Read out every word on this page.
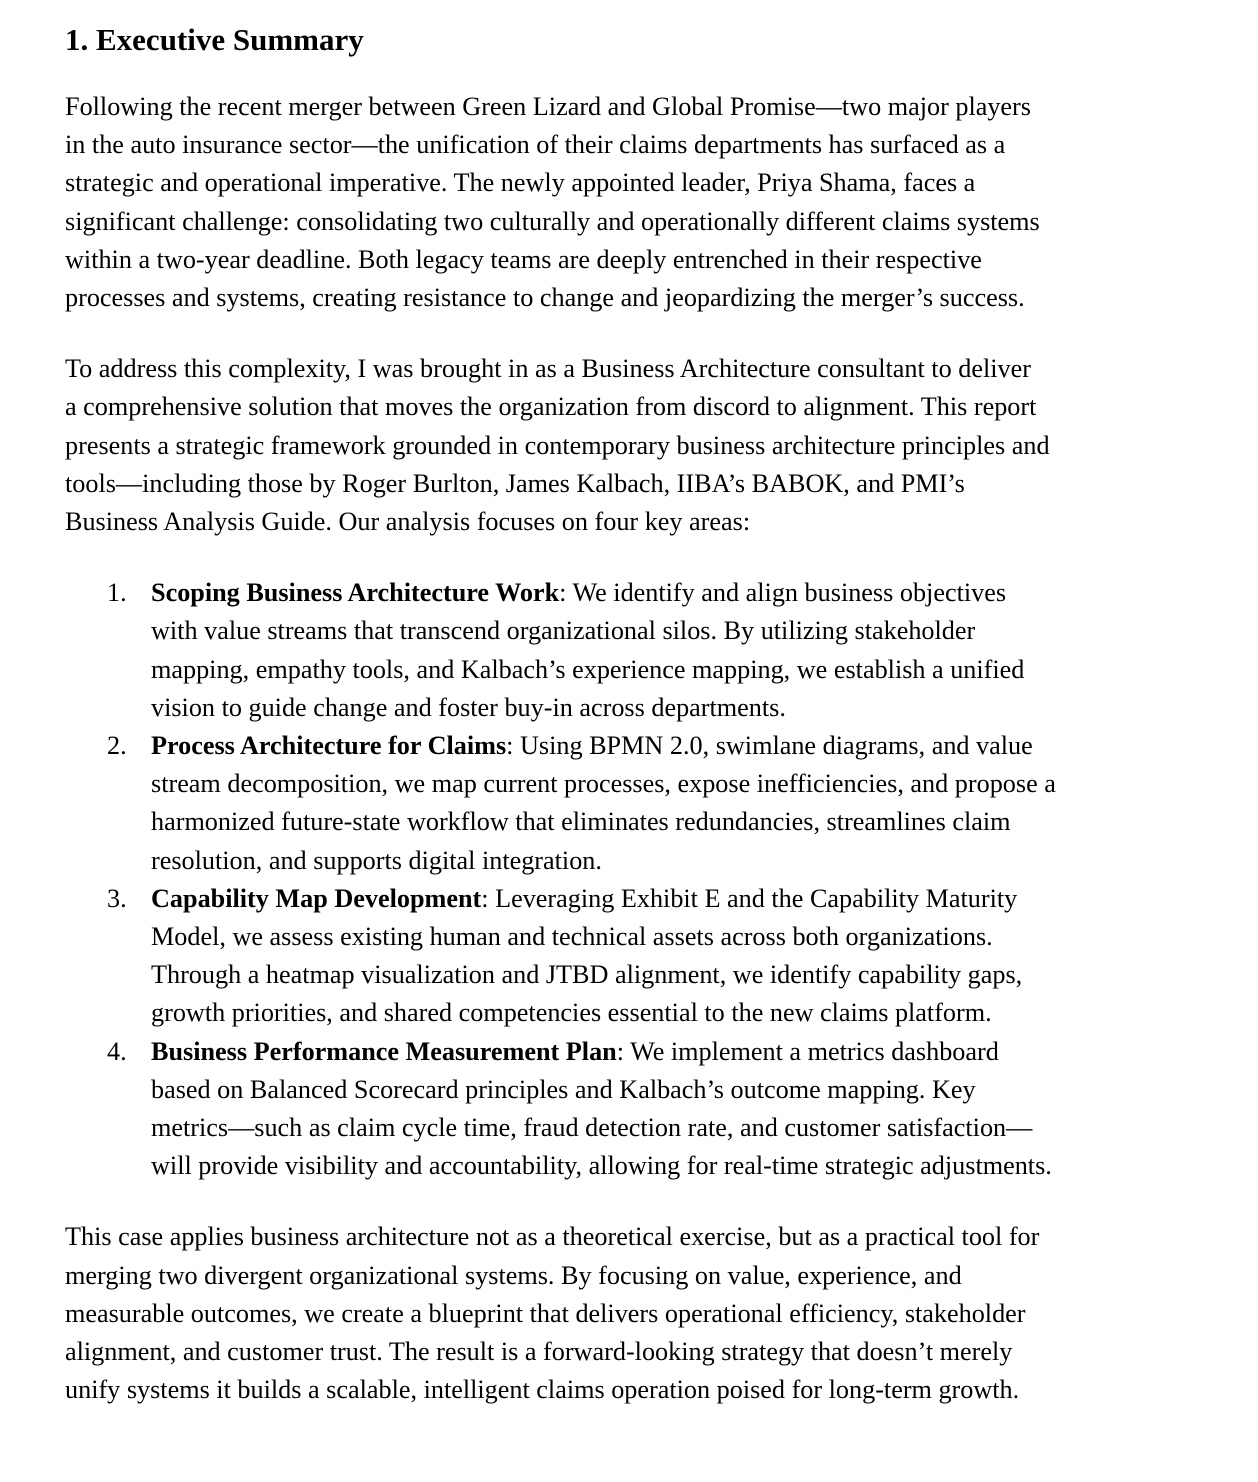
1. Executive Summary

Following the recent merger between Green Lizard and Global Promise—two major players
in the auto insurance sector—the unification of their claims departments has surfaced as a
strategic and operational imperative. The newly appointed leader, Priya Shama, faces a
significant challenge: consolidating two culturally and operationally different claims systems
within a two-year deadline. Both legacy teams are deeply entrenched in their respective
processes and systems, creating resistance to change and jeopardizing the merger’s success.

To address this complexity, I was brought in as a Business Architecture consultant to deliver
a comprehensive solution that moves the organization from discord to alignment. This report
presents a strategic framework grounded in contemporary business architecture principles and
tools—including those by Roger Burlton, James Kalbach, IIBA’s BABOK, and PMI’s
Business Analysis Guide. Our analysis focuses on four key areas:

1. Scoping Business Architecture Work: We identify and align business objectives
with value streams that transcend organizational silos. By utilizing stakeholder
mapping, empathy tools, and Kalbach’s experience mapping, we establish a unified
vision to guide change and foster buy-in across departments.
2. Process Architecture for Claims: Using BPMN 2.0, swimlane diagrams, and value
stream decomposition, we map current processes, expose inefficiencies, and propose a
harmonized future-state workflow that eliminates redundancies, streamlines claim
resolution, and supports digital integration.
3. Capability Map Development: Leveraging Exhibit E and the Capability Maturity
Model, we assess existing human and technical assets across both organizations.
Through a heatmap visualization and JTBD alignment, we identify capability gaps,
growth priorities, and shared competencies essential to the new claims platform.
4. Business Performance Measurement Plan: We implement a metrics dashboard
based on Balanced Scorecard principles and Kalbach’s outcome mapping. Key
metrics—such as claim cycle time, fraud detection rate, and customer satisfaction—
will provide visibility and accountability, allowing for real-time strategic adjustments.

This case applies business architecture not as a theoretical exercise, but as a practical tool for
merging two divergent organizational systems. By focusing on value, experience, and
measurable outcomes, we create a blueprint that delivers operational efficiency, stakeholder
alignment, and customer trust. The result is a forward-looking strategy that doesn’t merely
unify systems it builds a scalable, intelligent claims operation poised for long-term growth.
